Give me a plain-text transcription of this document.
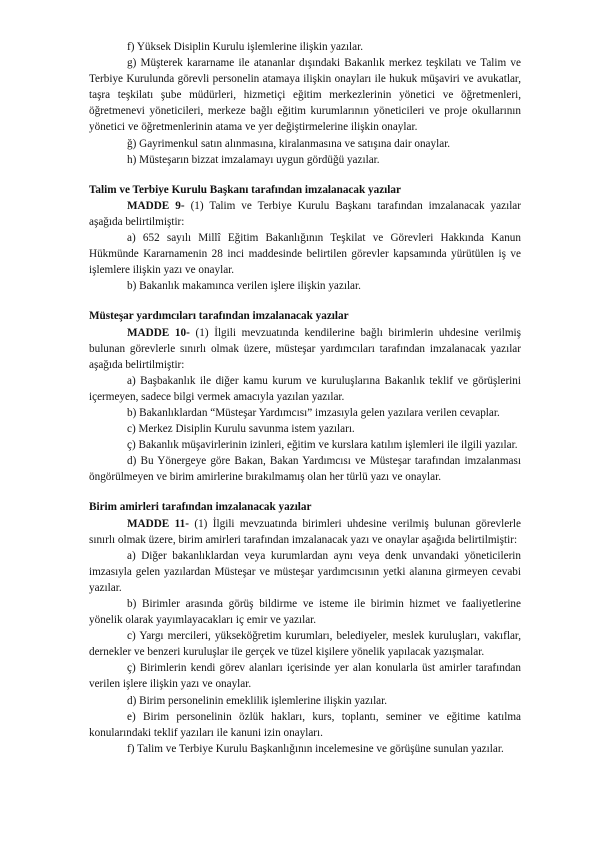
f) Yüksek Disiplin Kurulu işlemlerine ilişkin yazılar.

g) Müşterek kararname ile atananlar dışındaki Bakanlık merkez teşkilatı ve Talim ve Terbiye Kurulunda görevli personelin atamaya ilişkin onayları ile hukuk müşaviri ve avukatlar, taşra teşkilatı şube müdürleri, hizmetiçi eğitim merkezlerinin yönetici ve öğretmenleri, öğretmenevi yöneticileri, merkeze bağlı eğitim kurumlarının yöneticileri ve proje okullarının yönetici ve öğretmenlerinin atama ve yer değiştirmelerine ilişkin onaylar.

ğ) Gayrimenkul satın alınmasına, kiralanmasına ve satışına dair onaylar.

h) Müsteşarın bizzat imzalamayı uygun gördüğü yazılar.

Talim ve Terbiye Kurulu Başkanı tarafından imzalanacak yazılar

MADDE 9- (1) Talim ve Terbiye Kurulu Başkanı tarafından imzalanacak yazılar aşağıda belirtilmiştir:

a) 652 sayılı Millî Eğitim Bakanlığının Teşkilat ve Görevleri Hakkında Kanun Hükmünde Kararnamenin 28 inci maddesinde belirtilen görevler kapsamında yürütülen iş ve işlemlere ilişkin yazı ve onaylar.

b) Bakanlık makamınca verilen işlere ilişkin yazılar.

Müsteşar yardımcıları tarafından imzalanacak yazılar

MADDE 10- (1) İlgili mevzuatında kendilerine bağlı birimlerin uhdesine verilmiş bulunan görevlerle sınırlı olmak üzere, müsteşar yardımcıları tarafından imzalanacak yazılar aşağıda belirtilmiştir:

a) Başbakanlık ile diğer kamu kurum ve kuruluşlarına Bakanlık teklif ve görüşlerini içermeyen, sadece bilgi vermek amacıyla yazılan yazılar.

b) Bakanlıklardan “Müsteşar Yardımcısı” imzasıyla gelen yazılara verilen cevaplar.

c) Merkez Disiplin Kurulu savunma istem yazıları.

ç) Bakanlık müşavirlerinin izinleri, eğitim ve kurslara katılım işlemleri ile ilgili yazılar.

d) Bu Yönergeye göre Bakan, Bakan Yardımcısı ve Müsteşar tarafından imzalanması öngörülmeyen ve birim amirlerine bırakılmamış olan her türlü yazı ve onaylar.

Birim amirleri tarafından imzalanacak yazılar

MADDE 11- (1) İlgili mevzuatında birimleri uhdesine verilmiş bulunan görevlerle sınırlı olmak üzere, birim amirleri tarafından imzalanacak yazı ve onaylar aşağıda belirtilmiştir:

a) Diğer bakanlıklardan veya kurumlardan aynı veya denk unvandaki yöneticilerin imzasıyla gelen yazılardan Müsteşar ve müsteşar yardımcısının yetki alanına girmeyen cevabi yazılar.

b) Birimler arasında görüş bildirme ve isteme ile birimin hizmet ve faaliyetlerine yönelik olarak yayımlayacakları iç emir ve yazılar.

c) Yargı mercileri, yükseköğretim kurumları, belediyeler, meslek kuruluşları, vakıflar, dernekler ve benzeri kuruluşlar ile gerçek ve tüzel kişilere yönelik yapılacak yazışmalar.

ç) Birimlerin kendi görev alanları içerisinde yer alan konularla üst amirler tarafından verilen işlere ilişkin yazı ve onaylar.

d) Birim personelinin emeklilik işlemlerine ilişkin yazılar.

e) Birim personelinin özlük hakları, kurs, toplantı, seminer ve eğitime katılma konularındaki teklif yazıları ile kanuni izin onayları.

f) Talim ve Terbiye Kurulu Başkanlığının incelemesine ve görüşüne sunulan yazılar.
